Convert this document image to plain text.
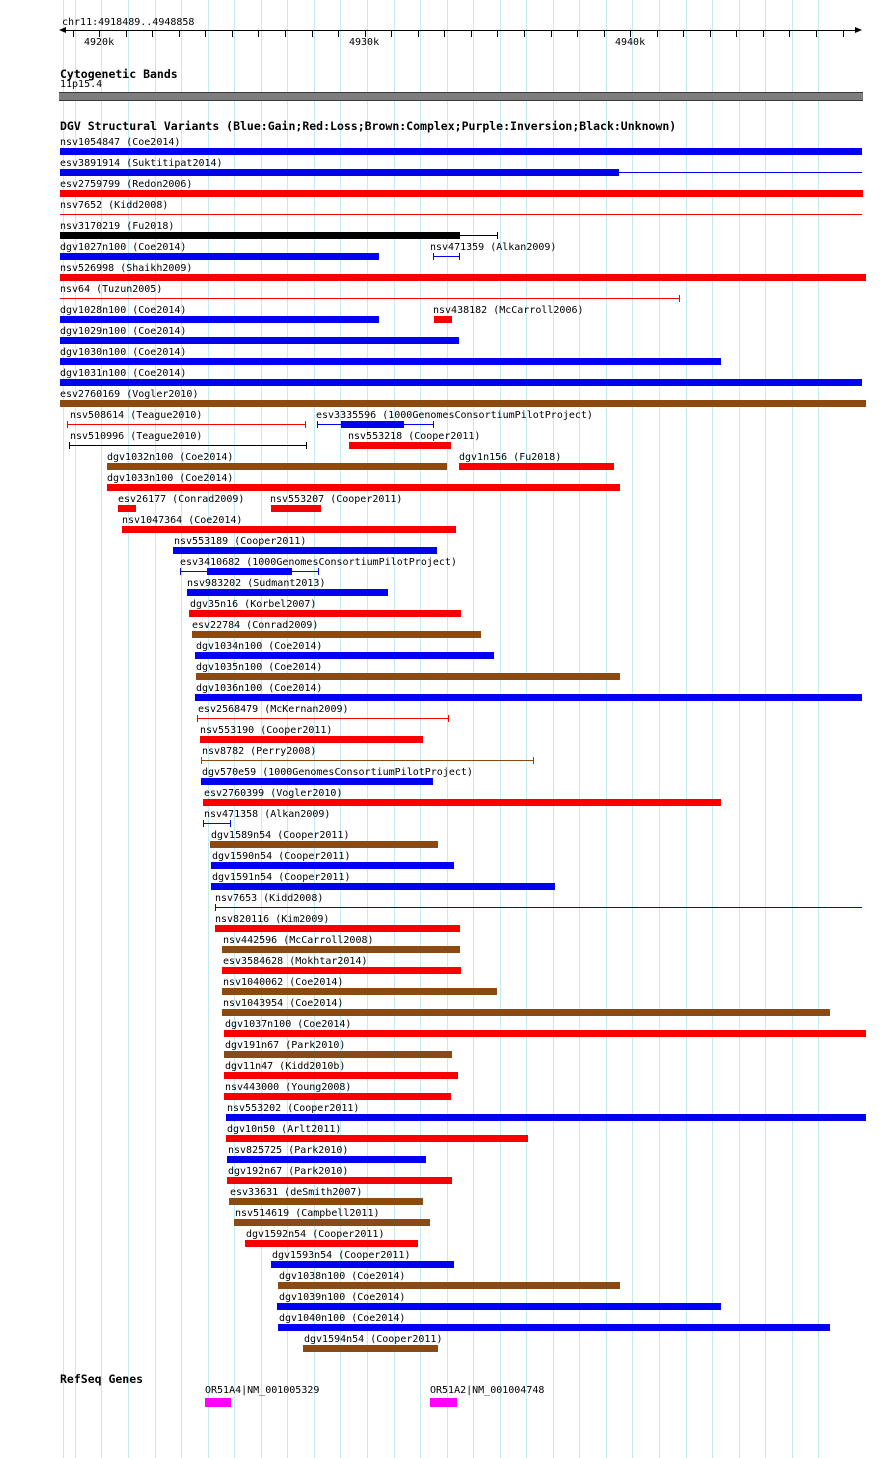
chr11:4918489..4948858
4920k	4930k	4940k
Cytogenetic Bands
11p15.4
DGV Structural Variants (Blue:Gain;Red:Loss;Brown:Complex;Purple:Inversion;Black:Unknown)
nsv1054847 (Coe2014)
esv3891914 (Suktitipat2014)
esv2759799 (Redon2006)
nsv7652 (Kidd2008)
nsv3170219 (Fu2018)
dgv1027n100 (Coe2014)	nsv471359 (Alkan2009)
nsv526998 (Shaikh2009)
nsv64 (Tuzun2005)
dgv1028n100 (Coe2014)	nsv438182 (McCarroll2006)
dgv1029n100 (Coe2014)
dgv1030n100 (Coe2014)
dgv1031n100 (Coe2014)
esv2760169 (Vogler2010)
nsv508614 (Teague2010)	esv3335596 (1000GenomesConsortiumPilotProject)
nsv510996 (Teague2010)	nsv553218 (Cooper2011)
dgv1032n100 (Coe2014)	dgv1n156 (Fu2018)
dgv1033n100 (Coe2014)
esv26177 (Conrad2009)	nsv553207 (Cooper2011)
nsv1047364 (Coe2014)
nsv553189 (Cooper2011)
esv3410682 (1000GenomesConsortiumPilotProject)
nsv983202 (Sudmant2013)
dgv35n16 (Korbel2007)
esv22784 (Conrad2009)
dgv1034n100 (Coe2014)
dgv1035n100 (Coe2014)
dgv1036n100 (Coe2014)
esv2568479 (McKernan2009)
nsv553190 (Cooper2011)
nsv8782 (Perry2008)
dgv570e59 (1000GenomesConsortiumPilotProject)
esv2760399 (Vogler2010)
nsv471358 (Alkan2009)
dgv1589n54 (Cooper2011)
dgv1590n54 (Cooper2011)
dgv1591n54 (Cooper2011)
nsv7653 (Kidd2008)
nsv820116 (Kim2009)
nsv442596 (McCarroll2008)
esv3584628 (Mokhtar2014)
nsv1040062 (Coe2014)
nsv1043954 (Coe2014)
dgv1037n100 (Coe2014)
dgv191n67 (Park2010)
dgv11n47 (Kidd2010b)
nsv443000 (Young2008)
nsv553202 (Cooper2011)
dgv10n50 (Arlt2011)
nsv825725 (Park2010)
dgv192n67 (Park2010)
esv33631 (deSmith2007)
nsv514619 (Campbell2011)
dgv1592n54 (Cooper2011)
dgv1593n54 (Cooper2011)
dgv1038n100 (Coe2014)
dgv1039n100 (Coe2014)
dgv1040n100 (Coe2014)
dgv1594n54 (Cooper2011)
RefSeq Genes
OR51A4|NM_001005329	OR51A2|NM_001004748
